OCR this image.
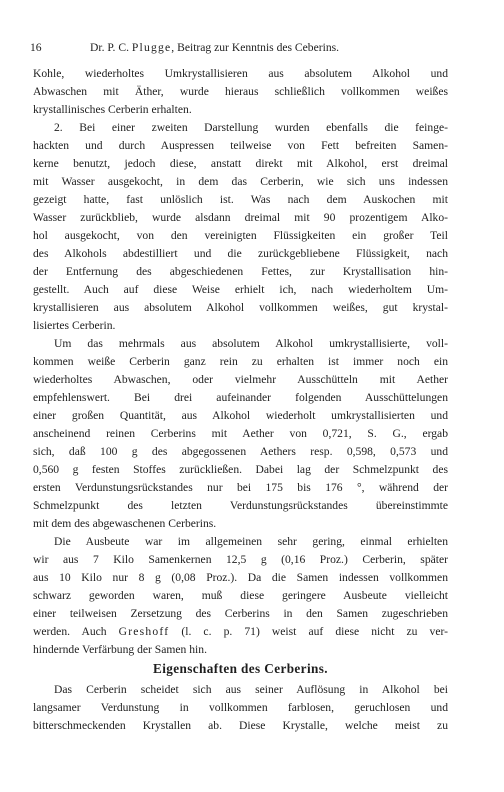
16	Dr. P. C. Plugge, Beitrag zur Kenntnis des Ceberins.
Kohle, wiederholtes Umkrystallisieren aus absolutem Alkohol und
Abwaschen mit Äther, wurde hieraus schließlich vollkommen weißes
krystallinisches Cerberin erhalten.
2. Bei einer zweiten Darstellung wurden ebenfalls die feinge-
hackten und durch Auspressen teilweise von Fett befreiten Samen-
kerne benutzt, jedoch diese, anstatt direkt mit Alkohol, erst dreimal
mit Wasser ausgekocht, in dem das Cerberin, wie sich uns indessen
gezeigt hatte, fast unlöslich ist. Was nach dem Auskochen mit
Wasser zurückblieb, wurde alsdann dreimal mit 90 prozentigem Alko-
hol ausgekocht, von den vereinigten Flüssigkeiten ein großer Teil
des Alkohols abdestilliert und die zurückgebliebene Flüssigkeit, nach
der Entfernung des abgeschiedenen Fettes, zur Krystallisation hin-
gestellt. Auch auf diese Weise erhielt ich, nach wiederholtem Um-
krystallisieren aus absolutem Alkohol vollkommen weißes, gut krystal-
lisiertes Cerberin.
Um das mehrmals aus absolutem Alkohol umkrystallisierte, voll-
kommen weiße Cerberin ganz rein zu erhalten ist immer noch ein
wiederholtes Abwaschen, oder vielmehr Ausschütteln mit Aether
empfehlenswert. Bei drei aufeinander folgenden Ausschüttelungen
einer großen Quantität, aus Alkohol wiederholt umkrystallisierten und
anscheinend reinen Cerberins mit Aether von 0,721, S. G., ergab
sich, daß 100 g des abgegossenen Aethers resp. 0,598, 0,573 und
0,560 g festen Stoffes zurückließen. Dabei lag der Schmelzpunkt des
ersten Verdunstungsrückstandes nur bei 175 bis 176 °, während der
Schmelzpunkt des letzten Verdunstungsrückstandes übereinstimmte
mit dem des abgewaschenen Cerberins.
Die Ausbeute war im allgemeinen sehr gering, einmal erhielten
wir aus 7 Kilo Samenkernen 12,5 g (0,16 Proz.) Cerberin, später
aus 10 Kilo nur 8 g (0,08 Proz.). Da die Samen indessen vollkommen
schwarz geworden waren, muß diese geringere Ausbeute vielleicht
einer teilweisen Zersetzung des Cerberins in den Samen zugeschrieben
werden. Auch Greshoff (l. c. p. 71) weist auf diese nicht zu ver-
hindernde Verfärbung der Samen hin.
Eigenschaften des Cerberins.
Das Cerberin scheidet sich aus seiner Auflösung in Alkohol bei
langsamer Verdunstung in vollkommen farblosen, geruchlosen und
bitterschmeckenden Krystallen ab. Diese Krystalle, welche meist zu
